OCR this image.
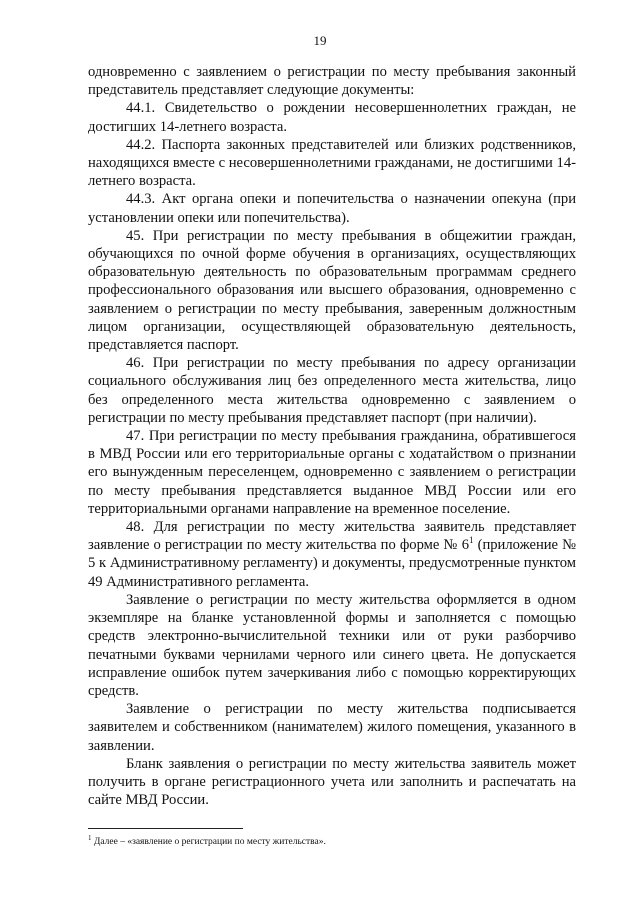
19

одновременно с заявлением о регистрации по месту пребывания законный представитель представляет следующие документы:

44.1. Свидетельство о рождении несовершеннолетних граждан, не достигших 14-летнего возраста.

44.2. Паспорта законных представителей или близких родственников, находящихся вместе с несовершеннолетними гражданами, не достигшими 14-летнего возраста.

44.3. Акт органа опеки и попечительства о назначении опекуна (при установлении опеки или попечительства).

45. При регистрации по месту пребывания в общежитии граждан, обучающихся по очной форме обучения в организациях, осуществляющих образовательную деятельность по образовательным программам среднего профессионального образования или высшего образования, одновременно с заявлением о регистрации по месту пребывания, заверенным должностным лицом организации, осуществляющей образовательную деятельность, представляется паспорт.

46. При регистрации по месту пребывания по адресу организации социального обслуживания лиц без определенного места жительства, лицо без определенного места жительства одновременно с заявлением о регистрации по месту пребывания представляет паспорт (при наличии).

47. При регистрации по месту пребывания гражданина, обратившегося в МВД России или его территориальные органы с ходатайством о признании его вынужденным переселенцем, одновременно с заявлением о регистрации по месту пребывания представляется выданное МВД России или его территориальными органами направление на временное поселение.

48. Для регистрации по месту жительства заявитель представляет заявление о регистрации по месту жительства по форме № $6^1$ (приложение № 5 к Административному регламенту) и документы, предусмотренные пунктом 49 Административного регламента.

Заявление о регистрации по месту жительства оформляется в одном экземпляре на бланке установленной формы и заполняется с помощью средств электронно-вычислительной техники или от руки разборчиво печатными буквами чернилами черного или синего цвета. Не допускается исправление ошибок путем зачеркивания либо с помощью корректирующих средств.

Заявление о регистрации по месту жительства подписывается заявителем и собственником (нанимателем) жилого помещения, указанного в заявлении.

Бланк заявления о регистрации по месту жительства заявитель может получить в органе регистрационного учета или заполнить и распечатать на сайте МВД России.

$^1$ Далее – «заявление о регистрации по месту жительства».
